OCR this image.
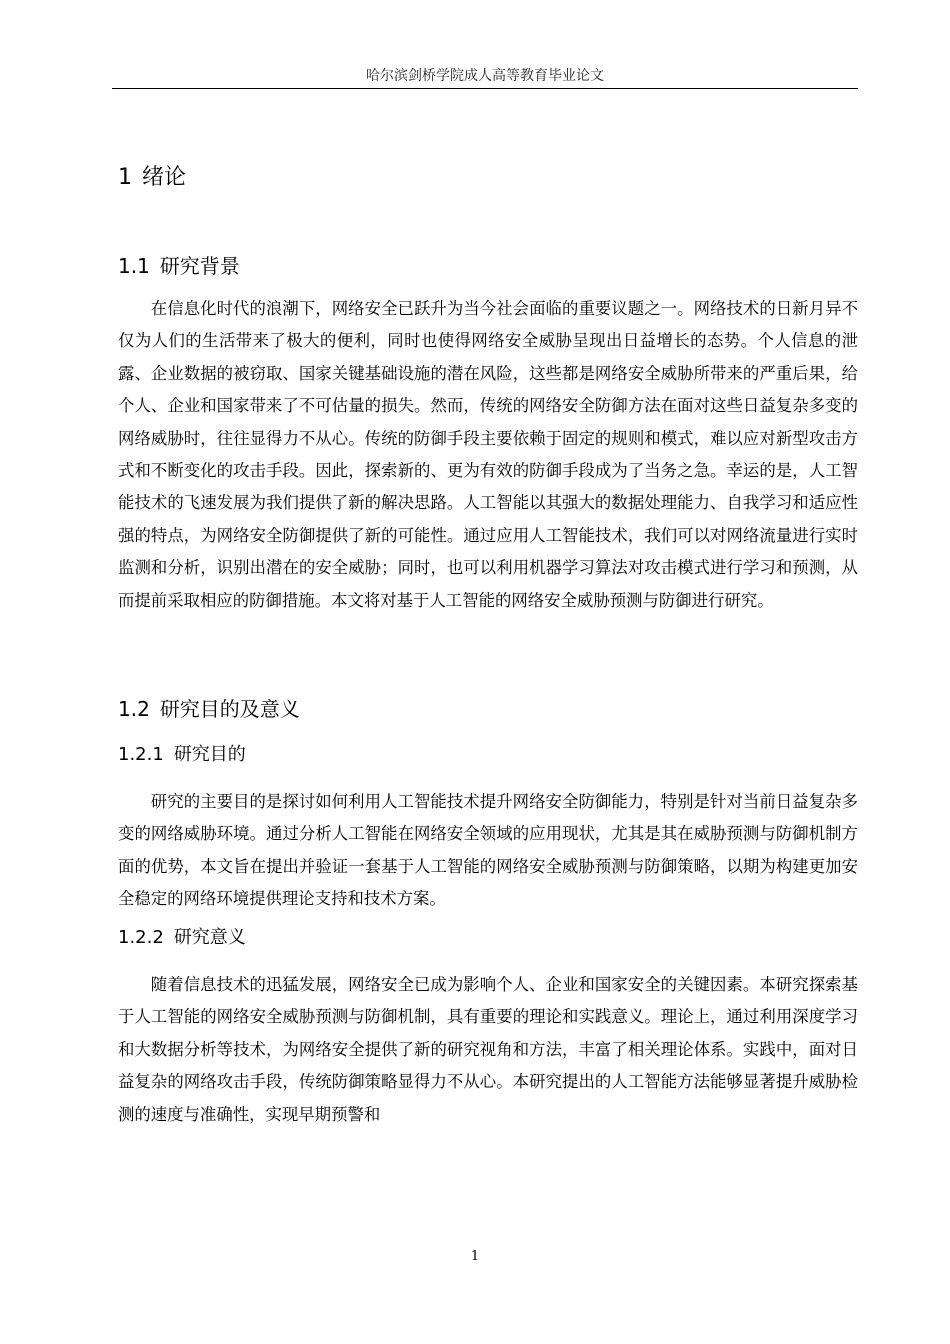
哈尔滨剑桥学院成人高等教育毕业论文
1 绪论
1.1 研究背景

在信息化时代的浪潮下，网络安全已跃升为当今社会面临的重要议题之一。网络技术的日新月异不仅为人们的生活带来了极大的便利，同时也使得网络安全威胁呈现出日益增长的态势。个人信息的泄露、企业数据的被窃取、国家关键基础设施的潜在风险，这些都是网络安全威胁所带来的严重后果，给个人、企业和国家带来了不可估量的损失。然而，传统的网络安全防御方法在面对这些日益复杂多变的网络威胁时，往往显得力不从心。传统的防御手段主要依赖于固定的规则和模式，难以应对新型攻击方式和不断变化的攻击手段。因此，探索新的、更为有效的防御手段成为了当务之急。幸运的是，人工智能技术的飞速发展为我们提供了新的解决思路。人工智能以其强大的数据处理能力、自我学习和适应性强的特点，为网络安全防御提供了新的可能性。通过应用人工智能技术，我们可以对网络流量进行实时监测和分析，识别出潜在的安全威胁；同时，也可以利用机器学习算法对攻击模式进行学习和预测，从而提前采取相应的防御措施。本文将对基于人工智能的网络安全威胁预测与防御进行研究。

1.2 研究目的及意义
1.2.1 研究目的

研究的主要目的是探讨如何利用人工智能技术提升网络安全防御能力，特别是针对当前日益复杂多变的网络威胁环境。通过分析人工智能在网络安全领域的应用现状，尤其是其在威胁预测与防御机制方面的优势，本文旨在提出并验证一套基于人工智能的网络安全威胁预测与防御策略，以期为构建更加安全稳定的网络环境提供理论支持和技术方案。

1.2.2 研究意义

随着信息技术的迅猛发展，网络安全已成为影响个人、企业和国家安全的关键因素。本研究探索基于人工智能的网络安全威胁预测与防御机制，具有重要的理论和实践意义。理论上，通过利用深度学习和大数据分析等技术，为网络安全提供了新的研究视角和方法，丰富了相关理论体系。实践中，面对日益复杂的网络攻击手段，传统防御策略显得力不从心。本研究提出的人工智能方法能够显著提升威胁检测的速度与准确性，实现早期预警和

1
